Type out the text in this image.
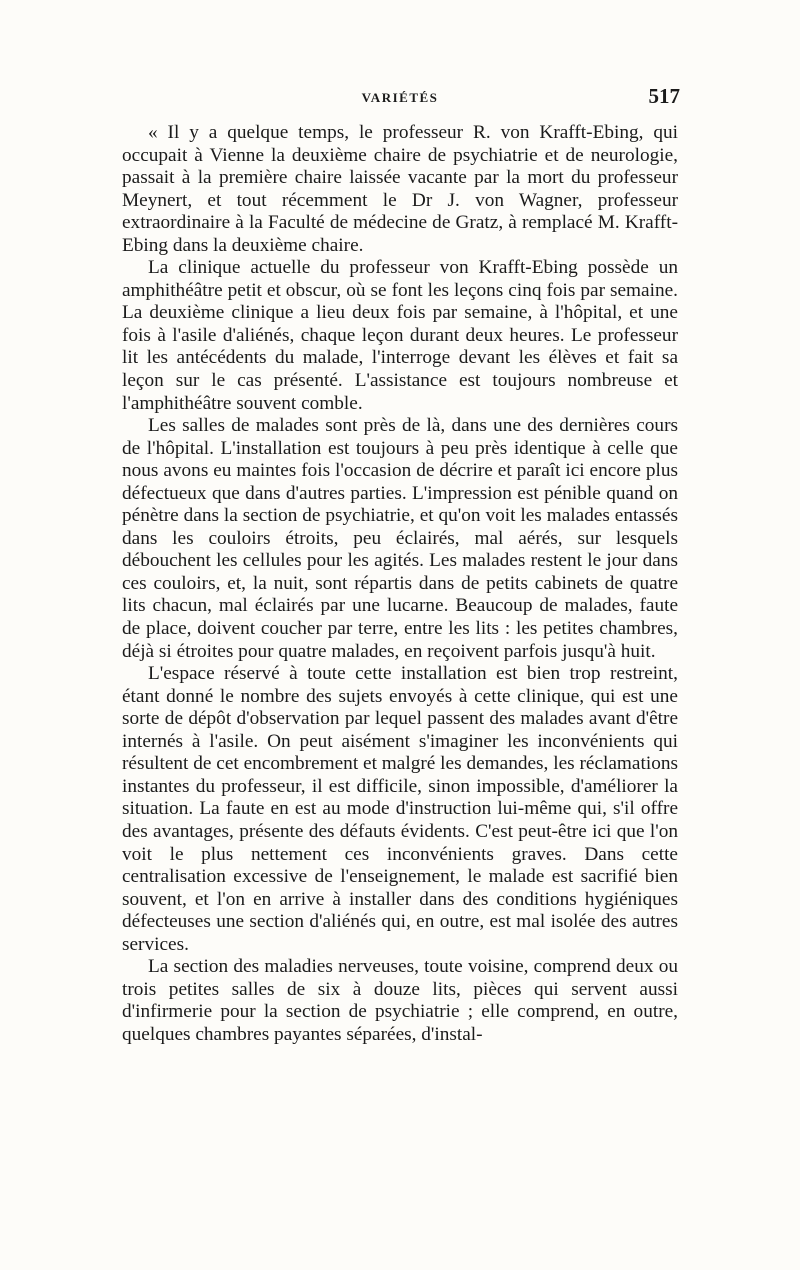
VARIÉTÉS	517

« Il y a quelque temps, le professeur R. von Krafft-Ebing, qui occupait à Vienne la deuxième chaire de psychiatrie et de neurologie, passait à la première chaire laissée vacante par la mort du professeur Meynert, et tout récemment le Dr J. von Wagner, professeur extraordinaire à la Faculté de médecine de Gratz, à remplacé M. Krafft-Ebing dans la deuxième chaire.

La clinique actuelle du professeur von Krafft-Ebing possède un amphithéâtre petit et obscur, où se font les leçons cinq fois par semaine. La deuxième clinique a lieu deux fois par semaine, à l'hôpital, et une fois à l'asile d'aliénés, chaque leçon durant deux heures. Le professeur lit les antécédents du malade, l'interroge devant les élèves et fait sa leçon sur le cas présenté. L'assistance est toujours nombreuse et l'amphithéâtre souvent comble.

Les salles de malades sont près de là, dans une des dernières cours de l'hôpital. L'installation est toujours à peu près identique à celle que nous avons eu maintes fois l'occasion de décrire et paraît ici encore plus défectueux que dans d'autres parties. L'impression est pénible quand on pénètre dans la section de psychiatrie, et qu'on voit les malades entassés dans les couloirs étroits, peu éclairés, mal aérés, sur lesquels débouchent les cellules pour les agités. Les malades restent le jour dans ces couloirs, et, la nuit, sont répartis dans de petits cabinets de quatre lits chacun, mal éclairés par une lucarne. Beaucoup de malades, faute de place, doivent coucher par terre, entre les lits : les petites chambres, déjà si étroites pour quatre malades, en reçoivent parfois jusqu'à huit.

L'espace réservé à toute cette installation est bien trop restreint, étant donné le nombre des sujets envoyés à cette clinique, qui est une sorte de dépôt d'observation par lequel passent des malades avant d'être internés à l'asile. On peut aisément s'imaginer les inconvénients qui résultent de cet encombrement et malgré les demandes, les réclamations instantes du professeur, il est difficile, sinon impossible, d'améliorer la situation. La faute en est au mode d'instruction lui-même qui, s'il offre des avantages, présente des défauts évidents. C'est peut-être ici que l'on voit le plus nettement ces inconvénients graves. Dans cette centralisation excessive de l'enseignement, le malade est sacrifié bien souvent, et l'on en arrive à installer dans des conditions hygiéniques défecteuses une section d'aliénés qui, en outre, est mal isolée des autres services.

La section des maladies nerveuses, toute voisine, comprend deux ou trois petites salles de six à douze lits, pièces qui servent aussi d'infirmerie pour la section de psychiatrie ; elle comprend, en outre, quelques chambres payantes séparées, d'instal-
